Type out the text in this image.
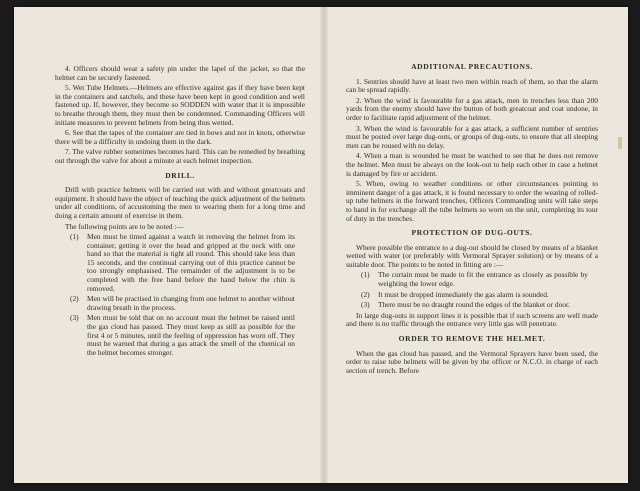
4. Officers should wear a safety pin under the lapel of the jacket, so that the helmet can be securely fastened.

5. Wet Tube Helmets.—Helmets are effective against gas if they have been kept in the containers and satchels, and these have been kept in good condition and well fastened up. If, however, they become so SODDEN with water that it is impossible to breathe through them, they must then be condemned. Commanding Officers will initiate measures to prevent helmets from being thus wetted.

6. See that the tapes of the container are tied in bows and not in knots, otherwise there will be a difficulty in undoing them in the dark.

7. The valve rubber sometimes becomes hard. This can be remedied by breathing out through the valve for about a minute at each helmet inspection.

DRILL.

Drill with practice helmets will be carried out with and without greatcoats and equipment. It should have the object of teaching the quick adjustment of the helmets under all conditions, of accustoming the men to wearing them for a long time and doing a certain amount of exercise in them.

The following points are to be noted :—

(1) Men must be timed against a watch in removing the helmet from its container, getting it over the head and gripped at the neck with one hand so that the material is tight all round. This should take less than 15 seconds, and the continual carrying out of this practice cannot be too strongly emphasised. The remainder of the adjustment is to be completed with the free hand before the hand below the chin is removed.
(2) Men will be practised in changing from one helmet to another without drawing breath in the process.
(3) Men must be told that on no account must the helmet be raised until the gas cloud has passed. They must keep as still as possible for the first 4 or 5 minutes, until the feeling of oppression has worn off. They must be warned that during a gas attack the smell of the chemical on the helmet becomes stronger.
ADDITIONAL PRECAUTIONS.

1. Sentries should have at least two men within reach of them, so that the alarm can be spread rapidly.

2. When the wind is favourable for a gas attack, men in trenches less than 200 yards from the enemy should have the button of both greatcoat and coat undone, in order to facilitate rapid adjustment of the helmet.

3. When the wind is favourable for a gas attack, a sufficient number of sentries must be posted over large dug-outs, or groups of dug-outs, to ensure that all sleeping men can be roused with no delay.

4. When a man is wounded he must be watched to see that he does not remove the helmet. Men must be always on the look-out to help each other in case a helmet is damaged by fire or accident.

5. When, owing to weather conditions or other circumstances pointing to imminent danger of a gas attack, it is found necessary to order the wearing of rolled-up tube helmets in the forward trenches, Officers Commanding units will take steps to hand in for exchange all the tube helmets so worn on the unit, completing its tour of duty in the trenches.

PROTECTION OF DUG-OUTS.

Where possible the entrance to a dug-out should be closed by means of a blanket wetted with water (or preferably with Vermoral Sprayer solution) or by means of a suitable door. The points to be noted in fitting are :—

(1) The curtain must be made to fit the entrance as closely as possible by weighting the lower edge.
(2) It must be dropped immediately the gas alarm is sounded.
(3) There must be no draught round the edges of the blanket or door.

In large dug-outs in support lines it is possible that if such screens are well made and there is no traffic through the entrance very little gas will penetrate.

ORDER TO REMOVE THE HELMET.

When the gas cloud has passed, and the Vermoral Sprayers have been used, the order to raise tube helmets will be given by the officer or N.C.O. in charge of each section of trench. Before
